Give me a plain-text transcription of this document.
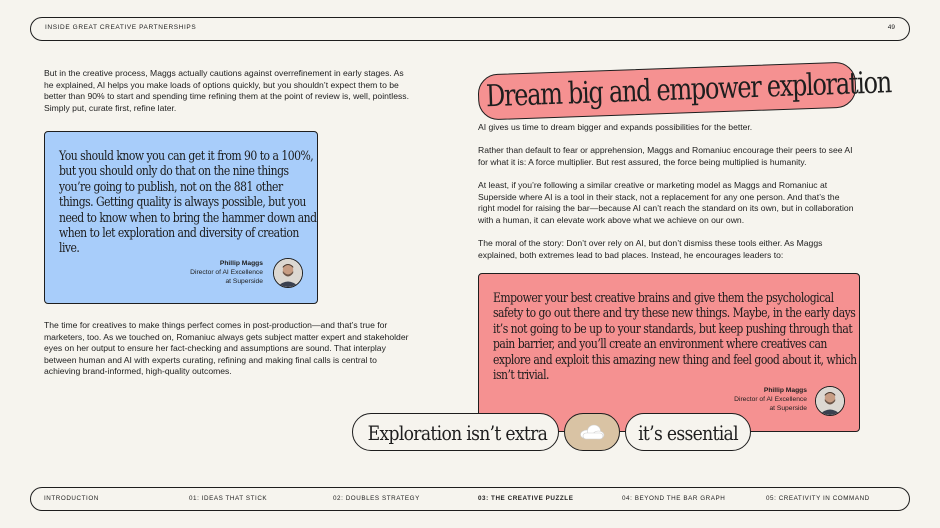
INSIDE GREAT CREATIVE PARTNERSHIPS	49

But in the creative process, Maggs actually cautions against overrefinement in early stages. As he explained, AI helps you make loads of options quickly, but you shouldn’t expect them to be better than 90% to start and spending time refining them at the point of review is, well, pointless. Simply put, curate first, refine later.

You should know you can get it from 90 to a 100%, but you should only do that on the nine things you’re going to publish, not on the 881 other things. Getting quality is always possible, but you need to know when to bring the hammer down and when to let exploration and diversity of creation live.

Phillip Maggs
Director of AI Excellence
at Superside

The time for creatives to make things perfect comes in post-production—and that’s true for marketers, too. As we touched on, Romaniuc always gets subject matter expert and stakeholder eyes on her output to ensure her fact-checking and assumptions are sound. That interplay between human and AI with experts curating, refining and making final calls is central to achieving brand-informed, high-quality outcomes.

Dream big and empower exploration

AI gives us time to dream bigger and expands possibilities for the better.

Rather than default to fear or apprehension, Maggs and Romaniuc encourage their peers to see AI for what it is: A force multiplier. But rest assured, the force being multiplied is humanity.

At least, if you’re following a similar creative or marketing model as Maggs and Romaniuc at Superside where AI is a tool in their stack, not a replacement for any one person. And that’s the right model for raising the bar—because AI can’t reach the standard on its own, but in collaboration with a human, it can elevate work above what we achieve on our own.

The moral of the story: Don’t over rely on AI, but don’t dismiss these tools either. As Maggs explained, both extremes lead to bad places. Instead, he encourages leaders to:

Empower your best creative brains and give them the psychological safety to go out there and try these new things. Maybe, in the early days it’s not going to be up to your standards, but keep pushing through that pain barrier, and you’ll create an environment where creatives can explore and exploit this amazing new thing and feel good about it, which isn’t trivial.

Phillip Maggs
Director of AI Excellence
at Superside
Exploration isn’t extra	it’s essential
INTRODUCTION	01: IDEAS THAT STICK	02: DOUBLES STRATEGY	03: THE CREATIVE PUZZLE	04: BEYOND THE BAR GRAPH	05: CREATIVITY IN COMMAND
